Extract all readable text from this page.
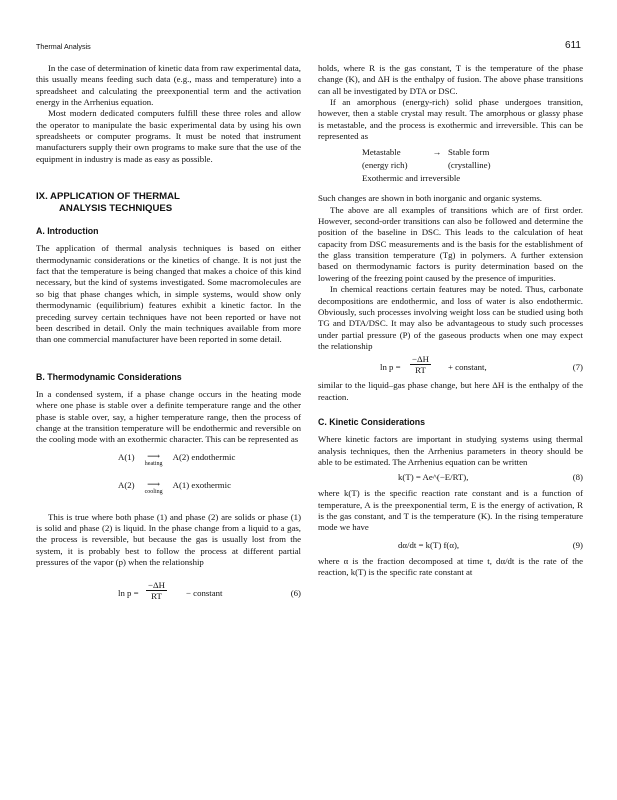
Thermal Analysis	611

In the case of determination of kinetic data from raw experimental data, this usually means feeding such data (e.g., mass and temperature) into a spreadsheet and calculating the preexponential term and the activation energy in the Arrhenius equation.

Most modern dedicated computers fulfill these three roles and allow the operator to manipulate the basic experimental data by using his own spreadsheets or computer programs. It must be noted that instrument manufacturers supply their own programs to make sure that the use of the equipment in industry is made as easy as possible.

IX. APPLICATION OF THERMAL
ANALYSIS TECHNIQUES

A. Introduction

The application of thermal analysis techniques is based on either thermodynamic considerations or the kinetics of change. It is not just the fact that the temperature is being changed that makes a choice of this kind necessary, but the kind of systems investigated. Some macromolecules are so big that phase changes which, in simple systems, would show only thermodynamic (equilibrium) features exhibit a kinetic factor. In the preceding survey certain techniques have not been reported or have not been described in detail. Only the main techniques available from more than one commercial manufacturer have been reported in some detail.

B. Thermodynamic Considerations

In a condensed system, if a phase change occurs in the heating mode where one phase is stable over a definite temperature range and the other phase is stable over, say, a higher temperature range, then the process of change at the transition temperature will be endothermic and reversible on the cooling mode with an exothermic character. This can be represented as

A(1)	⟶
heating
A(2) endothermic
A(2)	⟶
cooling
A(1) exothermic

This is true where both phase (1) and phase (2) are solids or phase (1) is solid and phase (2) is liquid. In the phase change from a liquid to a gas, the process is reversible, but because the gas is usually lost from the system, it is probably best to follow the process at different partial pressures of the vapor (p) when the relationship

$\ln p = \frac{-\Delta H}{RT}$ − constant	(6)

holds, where R is the gas constant, T is the temperature of the phase change (K), and ΔH is the enthalpy of fusion. The above phase transitions can all be investigated by DTA or DSC.

If an amorphous (energy-rich) solid phase undergoes transition, however, then a stable crystal may result. The amorphous or glassy phase is metastable, and the process is exothermic and irreversible. This can be represented as

Metastable	→ Stable form
(energy rich)	(crystalline)
Exothermic and irreversible

Such changes are shown in both inorganic and organic systems.

The above are all examples of transitions which are of first order. However, second-order transitions can also be followed and determine the position of the baseline in DSC. This leads to the calculation of heat capacity from DSC measurements and is the basis for the establishment of the glass transition temperature (Tg) in polymers. A further extension based on thermodynamic factors is purity determination based on the lowering of the freezing point caused by the presence of impurities.

In chemical reactions certain features may be noted. Thus, carbonate decompositions are endothermic, and loss of water is also endothermic. Obviously, such processes involving weight loss can be studied using both TG and DTA/DSC. It may also be advantageous to study such processes under partial pressure (P) of the gaseous products when one may expect the relationship

$\ln p = \frac{-\Delta H}{RT}$ + constant,	(7)

similar to the liquid–gas phase change, but here ΔH is the enthalpy of the reaction.

C. Kinetic Considerations

Where kinetic factors are important in studying systems using thermal analysis techniques, then the Arrhenius parameters in theory should be able to be estimated. The Arrhenius equation can be written

k(T) = Ae^(−E/RT),	(8)

where k(T) is the specific reaction rate constant and is a function of temperature, A is the preexponential term, E is the energy of activation, R is the gas constant, and T is the temperature (K). In the rising temperature mode we have

dα/dt = k(T) f(α),	(9)

where α is the fraction decomposed at time t, dα/dt is the rate of the reaction, k(T) is the specific rate constant at
